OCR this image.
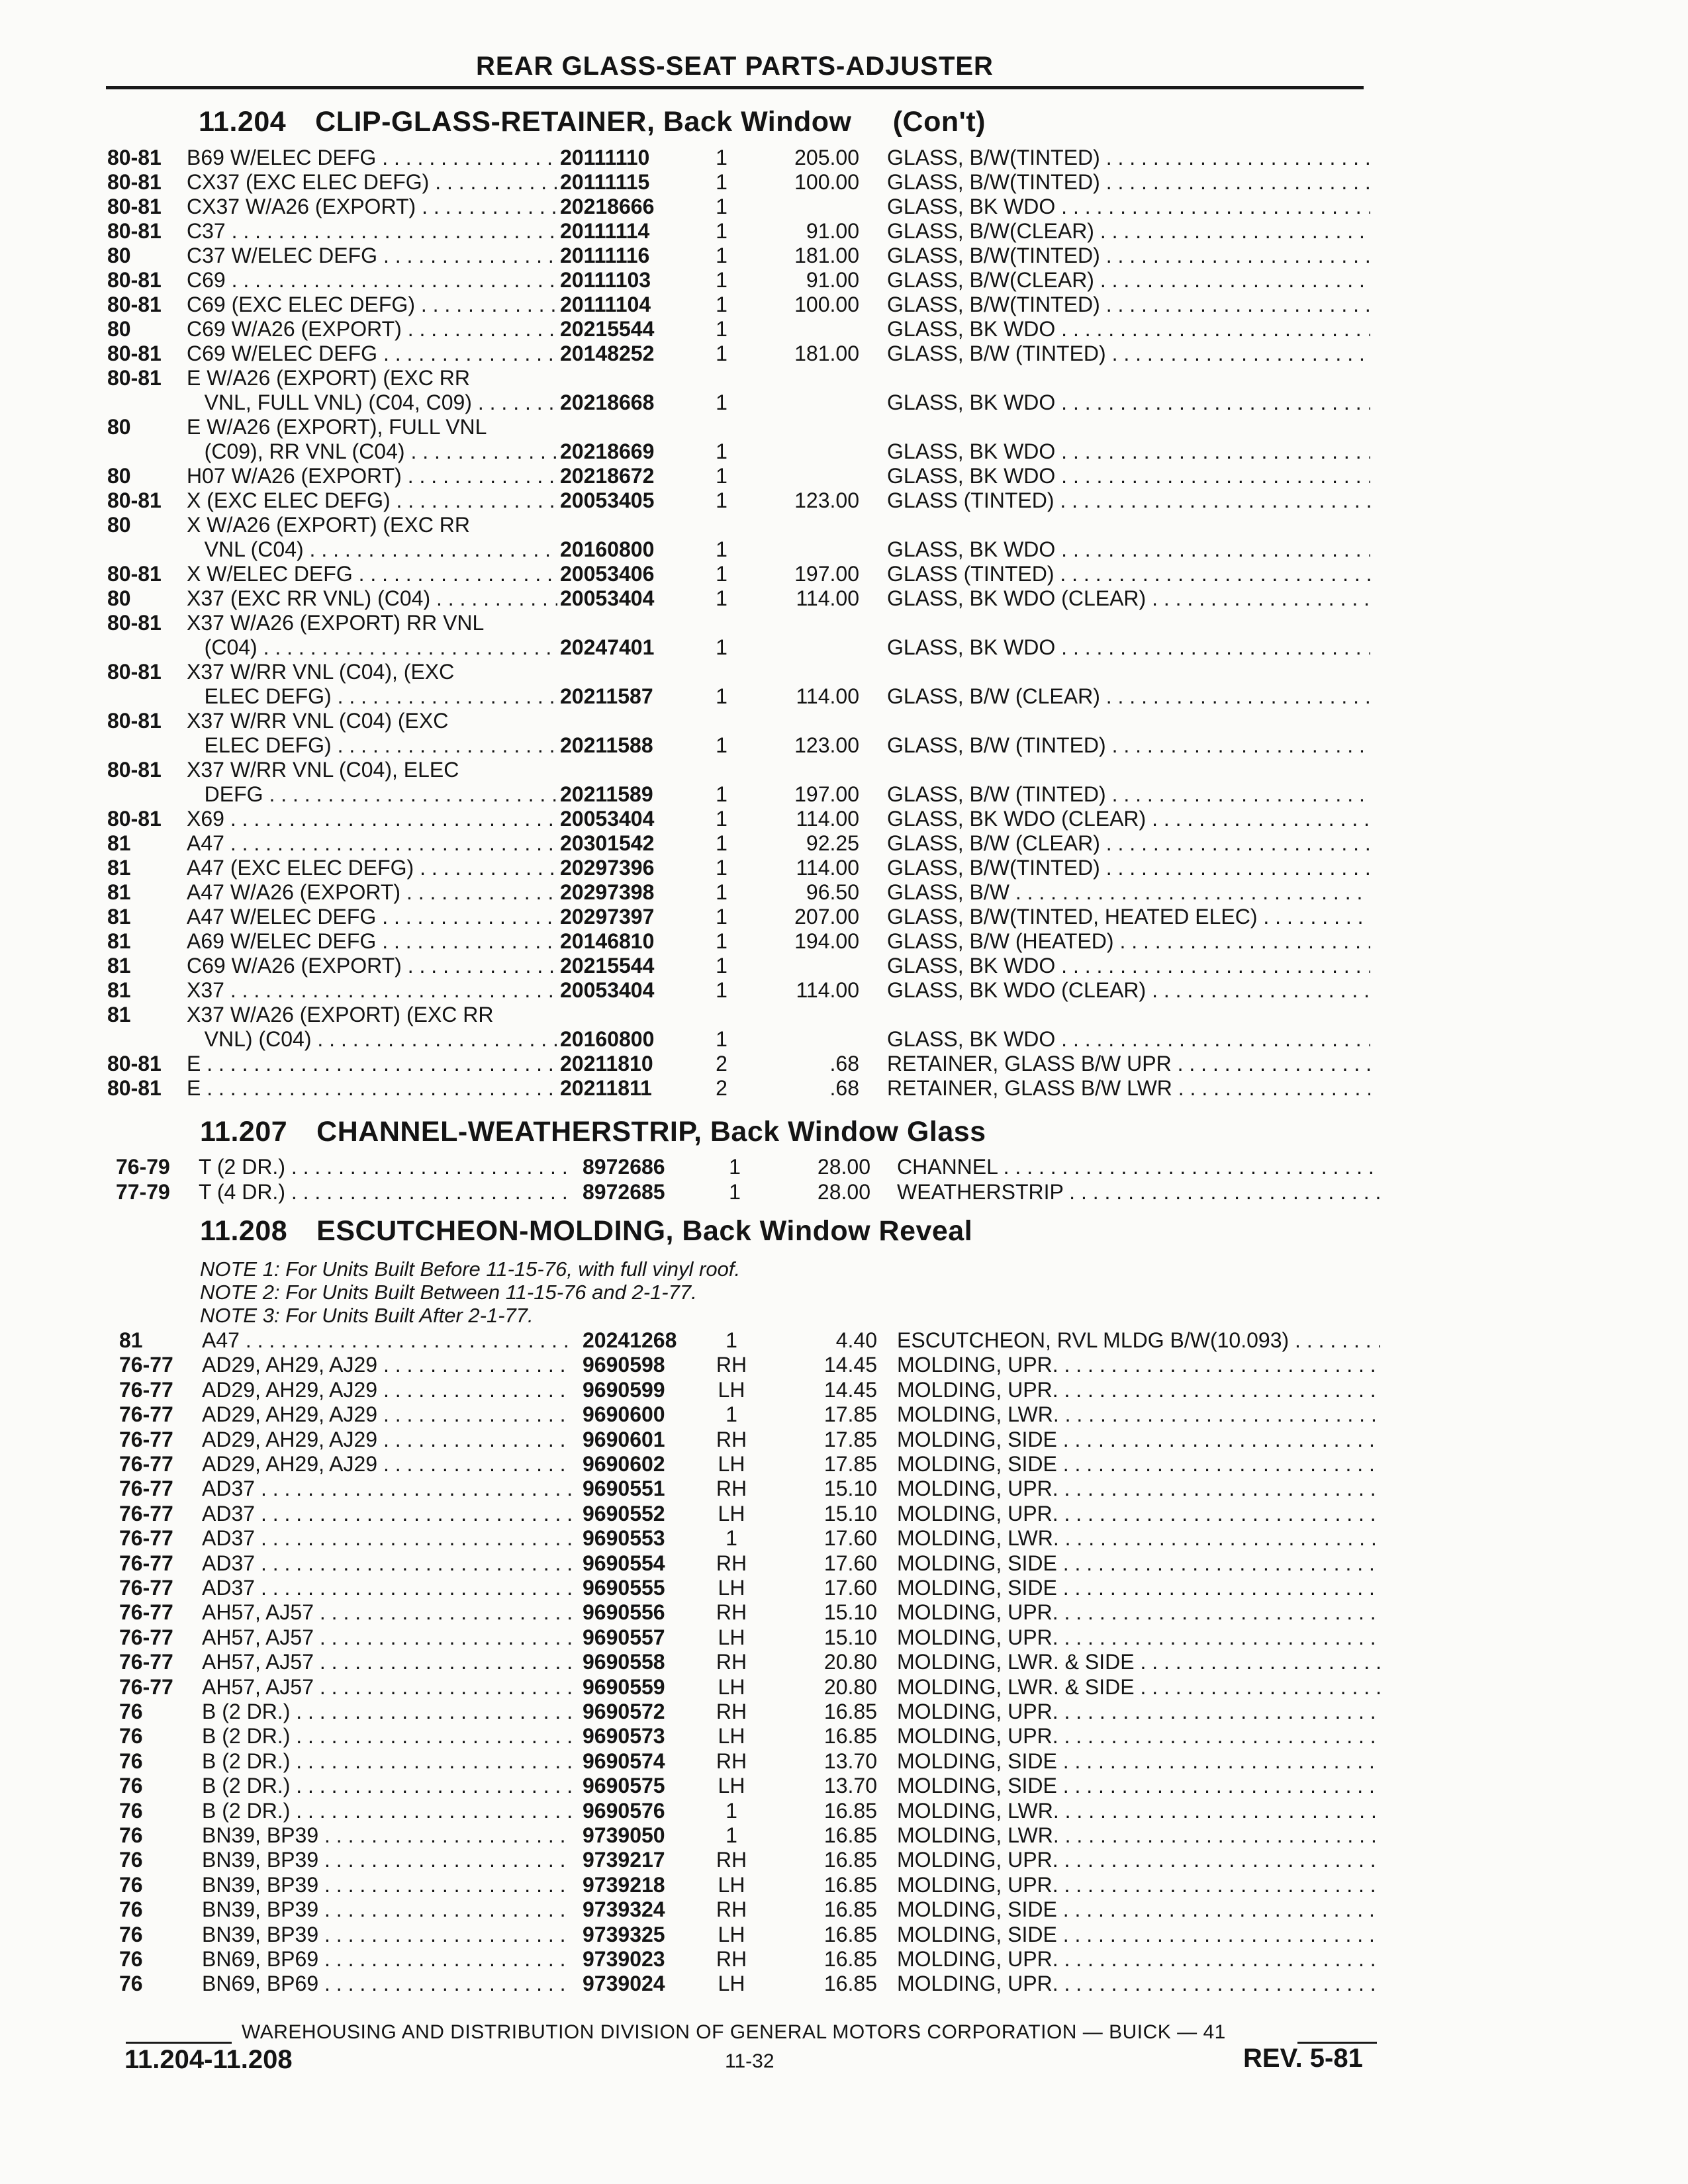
REAR GLASS-SEAT PARTS-ADJUSTER
11.204 CLIP-GLASS-RETAINER, Back Window     (Con't)
80-81 B69 W/ELEC DEFG . . .	20111110	1	205.00 GLASS, B/W(TINTED) . . .
80-81 CX37 (EXC ELEC DEFG) . . .	20111115	1	100.00 GLASS, B/W(TINTED) . . .
80-81 CX37 W/A26 (EXPORT) . . .	20218666	1	GLASS, BK WDO . . .
80-81 C37 . . .	20111114	1	91.00 GLASS, B/W(CLEAR) . . .
80	C37 W/ELEC DEFG . . .	20111116	1	181.00 GLASS, B/W(TINTED) . . .
80-81 C69 . . .	20111103	1	91.00 GLASS, B/W(CLEAR) . . .
80-81 C69 (EXC ELEC DEFG) . . .	20111104	1	100.00 GLASS, B/W(TINTED) . . .
80	C69 W/A26 (EXPORT) . . .	20215544	1	GLASS, BK WDO . . .
80-81 C69 W/ELEC DEFG . . .	20148252	1	181.00 GLASS, B/W (TINTED) . . .
80-81 E W/A26 (EXPORT) (EXC RR
VNL, FULL VNL) (C04, C09) . . .	20218668	1	GLASS, BK WDO . . .
80	E W/A26 (EXPORT), FULL VNL
(C09), RR VNL (C04) . . .	20218669	1	GLASS, BK WDO . . .
80	H07 W/A26 (EXPORT) . . .	20218672	1	GLASS, BK WDO . . .
80-81 X (EXC ELEC DEFG) . . .	20053405	1	123.00 GLASS (TINTED) . . .
80	X W/A26 (EXPORT) (EXC RR
VNL (C04) . . .	20160800	1	GLASS, BK WDO . . .
80-81 X W/ELEC DEFG . . .	20053406	1	197.00 GLASS (TINTED) . . .
80	X37 (EXC RR VNL) (C04) . . .	20053404	1	114.00 GLASS, BK WDO (CLEAR) . . .
80-81 X37 W/A26 (EXPORT) RR VNL
(C04) . . .	20247401	1	GLASS, BK WDO . . .
80-81 X37 W/RR VNL (C04), (EXC
ELEC DEFG) . . .	20211587	1	114.00 GLASS, B/W (CLEAR) . . .
80-81 X37 W/RR VNL (C04) (EXC
ELEC DEFG) . . .	20211588	1	123.00 GLASS, B/W (TINTED) . . .
80-81 X37 W/RR VNL (C04), ELEC
DEFG . . .	20211589	1	197.00 GLASS, B/W (TINTED) . . .
80-81 X69 . . .	20053404	1	114.00 GLASS, BK WDO (CLEAR) . . .
81	A47 . . .	20301542	1	92.25 GLASS, B/W (CLEAR) . . .
81	A47 (EXC ELEC DEFG) . . .	20297396	1	114.00 GLASS, B/W(TINTED) . . .
81	A47 W/A26 (EXPORT) . . .	20297398	1	96.50 GLASS, B/W . . .
81	A47 W/ELEC DEFG . . .	20297397	1	207.00 GLASS, B/W(TINTED, HEATED ELEC) . . .
81	A69 W/ELEC DEFG . . .	20146810	1	194.00 GLASS, B/W (HEATED) . . .
81	C69 W/A26 (EXPORT) . . .	20215544	1	GLASS, BK WDO . . .
81	X37 . . .	20053404	1	114.00 GLASS, BK WDO (CLEAR) . . .
81	X37 W/A26 (EXPORT) (EXC RR
VNL) (C04) . . .	20160800	1	GLASS, BK WDO . . .
80-81 E . . .	20211810	2	.68 RETAINER, GLASS B/W UPR . . .
80-81 E . . .	20211811	2	.68 RETAINER, GLASS B/W LWR . . .
11.207 CHANNEL-WEATHERSTRIP, Back Window Glass
76-79 T (2 DR.) . . .	8972686	1	28.00 CHANNEL . . .
77-79 T (4 DR.) . . .	8972685	1	28.00 WEATHERSTRIP . . .
11.208 ESCUTCHEON-MOLDING, Back Window Reveal
NOTE 1: For Units Built Before 11-15-76, with full vinyl roof.
NOTE 2: For Units Built Between 11-15-76 and 2-1-77.
NOTE 3: For Units Built After 2-1-77.
81	A47 . . .	20241268	1	4.40 ESCUTCHEON, RVL MLDG B/W(10.093) . . .
76-77 AD29, AH29, AJ29 . . .	9690598	RH	14.45 MOLDING, UPR. . . .
76-77 AD29, AH29, AJ29 . . .	9690599	LH	14.45 MOLDING, UPR. . . .
76-77 AD29, AH29, AJ29 . . .	9690600	1	17.85 MOLDING, LWR. . . .
76-77 AD29, AH29, AJ29 . . .	9690601	RH	17.85 MOLDING, SIDE . . .
76-77 AD29, AH29, AJ29 . . .	9690602	LH	17.85 MOLDING, SIDE . . .
76-77 AD37 . . .	9690551	RH	15.10 MOLDING, UPR. . . .
76-77 AD37 . . .	9690552	LH	15.10 MOLDING, UPR. . . .
76-77 AD37 . . .	9690553	1	17.60 MOLDING, LWR. . . .
76-77 AD37 . . .	9690554	RH	17.60 MOLDING, SIDE . . .
76-77 AD37 . . .	9690555	LH	17.60 MOLDING, SIDE . . .
76-77 AH57, AJ57 . . .	9690556	RH	15.10 MOLDING, UPR. . . .
76-77 AH57, AJ57 . . .	9690557	LH	15.10 MOLDING, UPR. . . .
76-77 AH57, AJ57 . . .	9690558	RH	20.80 MOLDING, LWR. & SIDE . . .
76-77 AH57, AJ57 . . .	9690559	LH	20.80 MOLDING, LWR. & SIDE . . .
76	B (2 DR.) . . .	9690572	RH	16.85 MOLDING, UPR. . . .
76	B (2 DR.) . . .	9690573	LH	16.85 MOLDING, UPR. . . .
76	B (2 DR.) . . .	9690574	RH	13.70 MOLDING, SIDE . . .
76	B (2 DR.) . . .	9690575	LH	13.70 MOLDING, SIDE . . .
76	B (2 DR.) . . .	9690576	1	16.85 MOLDING, LWR. . . .
76	BN39, BP39 . . .	9739050	1	16.85 MOLDING, LWR. . . .
76	BN39, BP39 . . .	9739217	RH	16.85 MOLDING, UPR. . . .
76	BN39, BP39 . . .	9739218	LH	16.85 MOLDING, UPR. . . .
76	BN39, BP39 . . .	9739324	RH	16.85 MOLDING, SIDE . . .
76	BN39, BP39 . . .	9739325	LH	16.85 MOLDING, SIDE . . .
76	BN69, BP69 . . .	9739023	RH	16.85 MOLDING, UPR. . . .
76	BN69, BP69 . . .	9739024	LH	16.85 MOLDING, UPR. . . .
WAREHOUSING AND DISTRIBUTION DIVISION OF GENERAL MOTORS CORPORATION — BUICK — 41
11.204-11.208	11-32	REV. 5-81
